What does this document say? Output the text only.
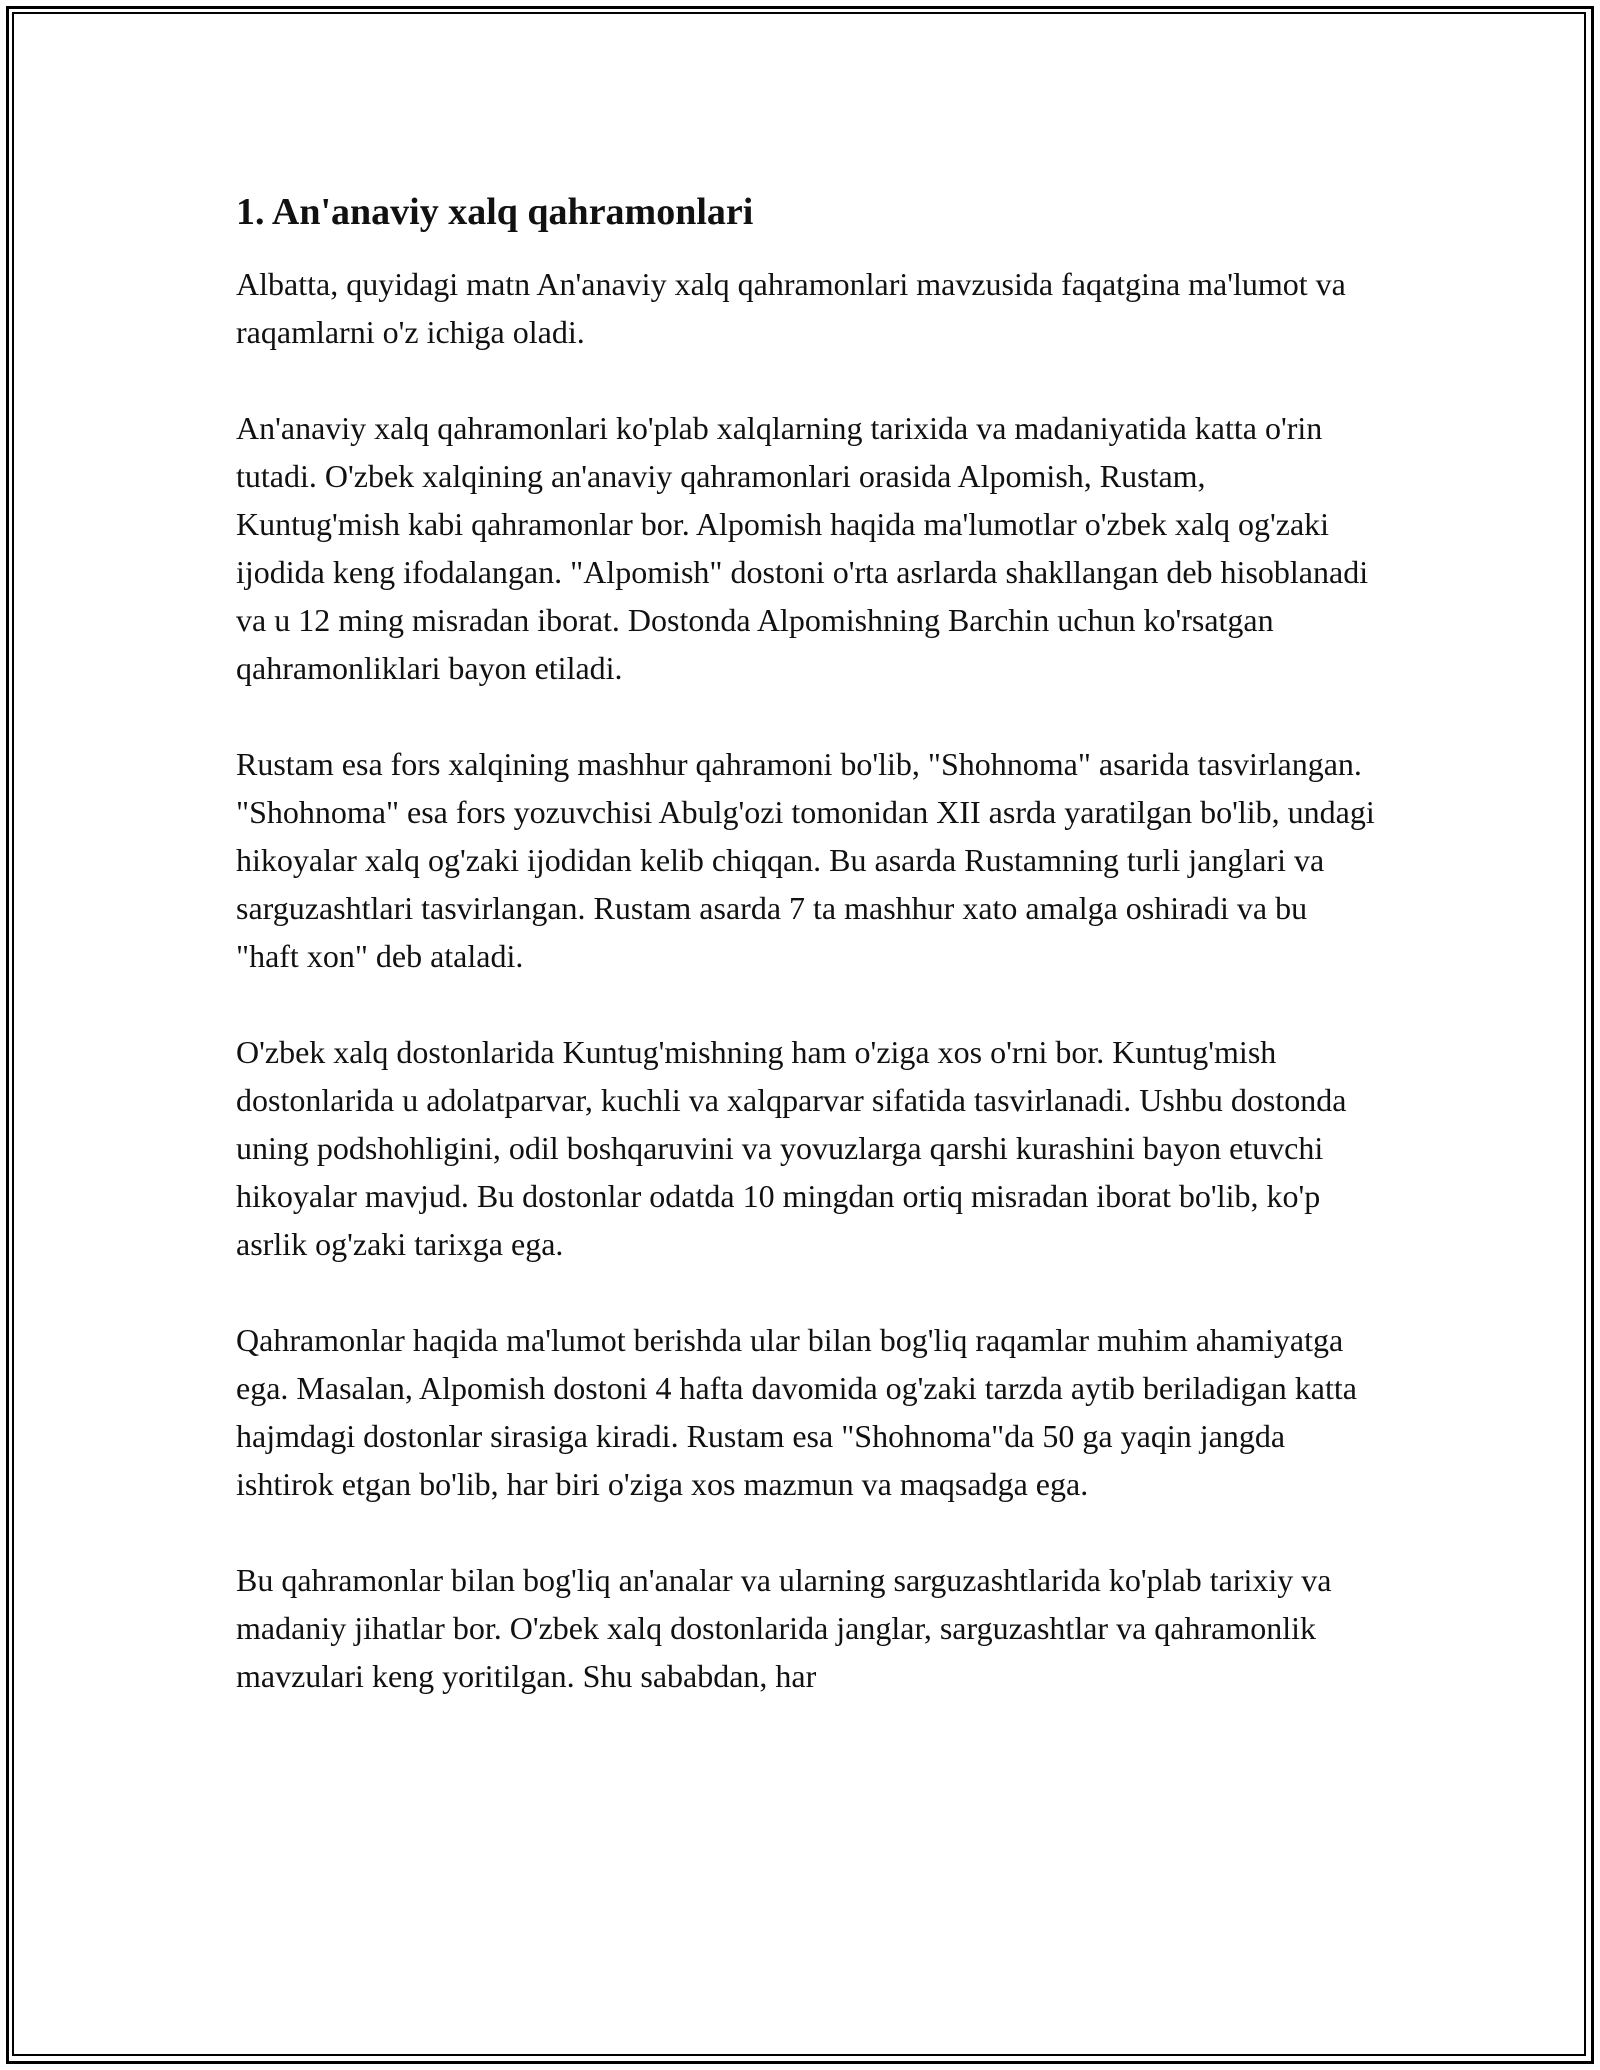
1. An'anaviy xalq qahramonlari

Albatta, quyidagi matn An'anaviy xalq qahramonlari mavzusida faqatgina ma'lumot va raqamlarni o'z ichiga oladi.

An'anaviy xalq qahramonlari ko'plab xalqlarning tarixida va madaniyatida katta o'rin tutadi. O'zbek xalqining an'anaviy qahramonlari orasida Alpomish, Rustam, Kuntug'mish kabi qahramonlar bor. Alpomish haqida ma'lumotlar o'zbek xalq og'zaki ijodida keng ifodalangan. "Alpomish" dostoni o'rta asrlarda shakllangan deb hisoblanadi va u 12 ming misradan iborat. Dostonda Alpomishning Barchin uchun ko'rsatgan qahramonliklari bayon etiladi.

Rustam esa fors xalqining mashhur qahramoni bo'lib, "Shohnoma" asarida tasvirlangan. "Shohnoma" esa fors yozuvchisi Abulg'ozi tomonidan XII asrda yaratilgan bo'lib, undagi hikoyalar xalq og'zaki ijodidan kelib chiqqan. Bu asarda Rustamning turli janglari va sarguzashtlari tasvirlangan. Rustam asarda 7 ta mashhur xato amalga oshiradi va bu "haft xon" deb ataladi.

O'zbek xalq dostonlarida Kuntug'mishning ham o'ziga xos o'rni bor. Kuntug'mish dostonlarida u adolatparvar, kuchli va xalqparvar sifatida tasvirlanadi. Ushbu dostonda uning podshohligini, odil boshqaruvini va yovuzlarga qarshi kurashini bayon etuvchi hikoyalar mavjud. Bu dostonlar odatda 10 mingdan ortiq misradan iborat bo'lib, ko'p asrlik og'zaki tarixga ega.

Qahramonlar haqida ma'lumot berishda ular bilan bog'liq raqamlar muhim ahamiyatga ega. Masalan, Alpomish dostoni 4 hafta davomida og'zaki tarzda aytib beriladigan katta hajmdagi dostonlar sirasiga kiradi. Rustam esa "Shohnoma"da 50 ga yaqin jangda ishtirok etgan bo'lib, har biri o'ziga xos mazmun va maqsadga ega.

Bu qahramonlar bilan bog'liq an'analar va ularning sarguzashtlarida ko'plab tarixiy va madaniy jihatlar bor. O'zbek xalq dostonlarida janglar, sarguzashtlar va qahramonlik mavzulari keng yoritilgan. Shu sababdan, har
